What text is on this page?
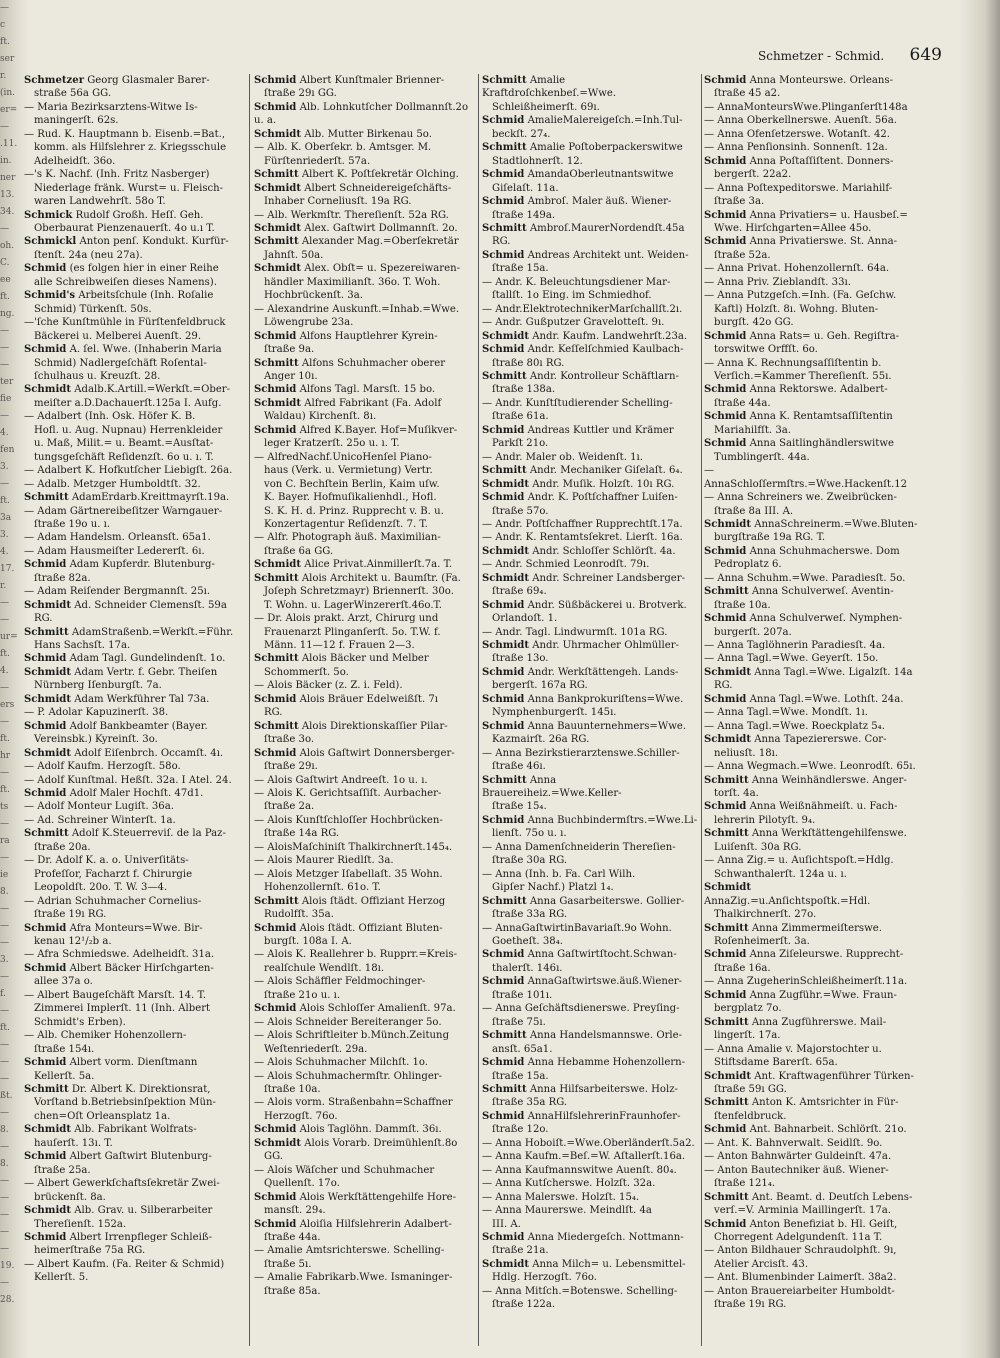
—
c
ft.
ser
r.
(in.
er=
—
.11.
in.
ner
13.
34.
—
oh.
C.
ee
ft.
ng.
—
—
—
ter
fie
—
4.
fen
3.
—
ft.
3a
3.
4.
17.
r.
—
—
ur=
ft.
4.
—
ers
—
ft.
hr
—
ft.
ts
—
ra
—
ie
8.
—
—
—
3.
—
f.
—
ft.
—
—
—
ßt.
—
8.
—
8.
—
—
—
—
—
19.
—
28.
Schmetzer - Schmid. 649

Schmetzer Georg Glasmaler Barer-

straße 56a GG.

— Maria Bezirksarztens-Witwe Is-

maningerſt. 62s.

— Rud. K. Hauptmann b. Eisenb.=Bat.,

komm. als Hilfslehrer z. Kriegsschule

Adelheidſt. 36o.

—'s K. Nachf. (Inh. Fritz Nasberger)

Niederlage fränk. Wurst= u. Fleisch-

waren Landwehrſt. 58o T.

Schmick Rudolf Großh. Heſſ. Geh.

Oberbaurat Pienzenauerſt. 4o u.ı T.

Schmickl Anton penſ. Kondukt. Kurfür-

ſtenſt. 24a (neu 27a).

Schmid (es folgen hier in einer Reihe

alle Schreibweiſen dieses Namens).

Schmid's Arbeitsſchule (Inh. Roſalie

Schmid) Türkenſt. 50s.

—'ſche Kunſtmühle in Fürſtenfeldbruck

Bäckerei u. Melberei Auenſt. 29.

Schmid A. ſel. Wwe. (Inhaberin Maria

Schmid) Nadlergeſchäft Roſental-

ſchulhaus u. Kreuzſt. 28.

Schmidt Adalb.K.Artill.=Werkſt.=Ober-

meiſter a.D.Dachauerſt.125a I. Aufg.

— Adalbert (Inh. Osk. Höfer K. B.

Hofl. u. Aug. Nupnau) Herrenkleider

u. Maß, Milit.= u. Beamt.=Ausſtat-

tungsgeſchäft Reſidenzſt. 6o u. ı. T.

— Adalbert K. Hofkutſcher Liebigſt. 26a.

— Adalb. Metzger Humboldtſt. 32.

Schmitt AdamErdarb.Kreittmayrſt.19a.

— Adam Gärtnereibeſitzer Warngauer-

ſtraße 19o u. ı.

— Adam Handelsm. Orleansſt. 65a1.

— Adam Hausmeiſter Ledererſt. 6ı.

Schmid Adam Kupferdr. Blutenburg-

ſtraße 82a.

— Adam Reiſender Bergmannſt. 25ı.

Schmidt Ad. Schneider Clemensſt. 59a

RG.

Schmitt AdamStraßenb.=Werkſt.=Führ.

Hans Sachsſt. 17a.

Schmid Adam Tagl. Gundelindenſt. 1o.

Schmidt Adam Vertr. f. Gebr. Theiſen

Nürnberg Iſenburgſt. 7a.

Schmidt Adam Werkführer Tal 73a.

— P. Adolar Kapuzinerſt. 38.

Schmid Adolf Bankbeamter (Bayer.

Vereinsbk.) Kyreinſt. 3o.

Schmidt Adolf Eiſenbrch. Occamſt. 4ı.

— Adolf Kaufm. Herzogſt. 58o.

— Adolf Kunſtmal. Heßſt. 32a. I Atel. 24.

Schmid Adolf Maler Hochſt. 47d1.

— Adolf Monteur Lugiſt. 36a.

— Ad. Schreiner Winterſt. 1a.

Schmitt Adolf K.Steuerreviſ. de la Paz-

ſtraße 20a.

— Dr. Adolf K. a. o. Univerſitäts-

Profeſſor, Facharzt f. Chirurgie

Leopoldſt. 20o. T. W. 3—4.

— Adrian Schuhmacher Cornelius-

ſtraße 19ı RG.

Schmid Afra Monteurs=Wwe. Bir-

kenau 12¹/₂b a.

— Afra Schmiedswe. Adelheidſt. 31a.

Schmid Albert Bäcker Hirſchgarten-

allee 37a o.

— Albert Baugeſchäft Marsſt. 14. T.

Zimmerei Implerſt. 11 (Inh. Albert

Schmidt's Erben).

— Alb. Chemiker Hohenzollern-

ſtraße 154ı.

Schmid Albert vorm. Dienſtmann

Kellerſt. 5a.

Schmitt Dr. Albert K. Direktionsrat,

Vorſtand b.Betriebsinſpektion Mün-

chen=Oſt Orleansplatz 1a.

Schmidt Alb. Fabrikant Wolfrats-

hauſerſt. 13ı. T.

Schmid Albert Gaſtwirt Blutenburg-

ſtraße 25a.

— Albert Gewerkſchaftsſekretär Zwei-

brückenſt. 8a.

Schmidt Alb. Grav. u. Silberarbeiter

Thereſienſt. 152a.

Schmid Albert Irrenpfleger Schleiß-

heimerſtraße 75a RG.

— Albert Kaufm. (Fa. Reiter & Schmid)

Kellerſt. 5.

Schmid Albert Kunſtmaler Brienner-

ſtraße 29ı GG.

Schmid Alb. Lohnkutſcher Dollmannſt.2o u. a.

Schmidt Alb. Mutter Birkenau 5o.

— Alb. K. Oberſekr. b. Amtsger. M.

Fürſtenriederſt. 57a.

Schmitt Albert K. Poſtſekretär Olching.

Schmidt Albert Schneidereigeſchäfts-

Inhaber Corneliusſt. 19a RG.

— Alb. Werkmſtr. Thereſienſt. 52a RG.

Schmidt Alex. Gaſtwirt Dollmannſt. 2o.

Schmitt Alexander Mag.=Oberſekretär

Jahnſt. 50a.

Schmidt Alex. Obſt= u. Spezereiwaren-

händler Maximilianſt. 36o. T. Woh.

Hochbrückenſt. 3a.

— Alexandrine Auskunft.=Inhab.=Wwe.

Löwengrube 23a.

Schmid Alfons Hauptlehrer Kyrein-

ſtraße 9a.

Schmitt Alfons Schuhmacher oberer

Anger 10ı.

Schmid Alfons Tagl. Marsſt. 15 bo.

Schmidt Alfred Fabrikant (Fa. Adolf

Waldau) Kirchenſt. 8ı.

Schmid Alfred K.Bayer. Hof=Muſikver-

leger Kratzerſt. 25o u. ı. T.

— AlfredNachf.UnicoHenſel Piano-

haus (Verk. u. Vermietung) Vertr.

von C. Bechſtein Berlin, Kaim uſw.

K. Bayer. Hofmuſikalienhdl., Hofl.

S. K. H. d. Prinz. Rupprecht v. B. u.

Konzertagentur Reſidenzſt. 7. T.

— Alfr. Photograph äuß. Maximilian-

ſtraße 6a GG.

Schmidt Alice Privat.Ainmillerſt.7a. T.

Schmitt Alois Architekt u. Baumſtr. (Fa.

Joſeph Schretzmayr) Briennerſt. 30o.

T. Wohn. u. LagerWinzererſt.46o.T.

— Dr. Alois prakt. Arzt, Chirurg und

Frauenarzt Plinganſerſt. 5o. T.W. f.

Männ. 11—12 f. Frauen 2—3.

Schmitt Alois Bäcker und Melber

Schommerſt. 5o.

— Alois Bäcker (z. Z. i. Feld).

Schmid Alois Bräuer Edelweißſt. 7ı

RG.

Schmitt Alois Direktionskaſſier Pilar-

ſtraße 3o.

Schmid Alois Gaſtwirt Donnersberger-

ſtraße 29ı.

— Alois Gaſtwirt Andreeſt. 1o u. ı.

— Alois K. Gerichtsaſſiſt. Aurbacher-

ſtraße 2a.

— Alois Kunſtſchloſſer Hochbrücken-

ſtraße 14a RG.

— AloisMaſchiniſt Thalkirchnerſt.145₄.

— Alois Maurer Riedlſt. 3a.

— Alois Metzger Iſabellaſt. 35 Wohn.

Hohenzollernſt. 61o. T.

Schmitt Alois ſtädt. Offiziant Herzog

Rudolfſt. 35a.

Schmid Alois ſtädt. Offiziant Bluten-

burgſt. 108a I. A.

— Alois K. Reallehrer b. Rupprr.=Kreis-

realſchule Wendlſt. 18ı.

— Alois Schäffler Feldmochinger-

ſtraße 21o u. ı.

Schmid Alois Schloſſer Amalienſt. 97a.

— Alois Schneider Bereiteranger 5o.

— Alois Schriftleiter b.Münch.Zeitung

Weſtenriederſt. 29a.

— Alois Schuhmacher Milchſt. 1o.

— Alois Schuhmachermſtr. Ohlinger-

ſtraße 10a.

— Alois vorm. Straßenbahn=Schaffner

Herzogſt. 76o.

Schmid Alois Taglöhn. Dammſt. 36ı.

Schmidt Alois Vorarb. Dreimühlenſt.8o

GG.

— Alois Wäſcher und Schuhmacher

Quellenſt. 17o.

Schmid Alois Werkſtättengehilfe Hore-

mansſt. 29₄.

Schmid Aloiſia Hilfslehrerin Adalbert-

ſtraße 44a.

— Amalie Amtsrichterswe. Schelling-

ſtraße 5ı.

— Amalie Fabrikarb.Wwe. Ismaninger-

ſtraße 85a.

Schmitt Amalie Kraftdroſchkenbeſ.=Wwe.

Schleißheimerſt. 69ı.

Schmid AmalieMalereigeſch.=Inh.Tul-

beckſt. 27₄.

Schmitt Amalie Poſtoberpackerswitwe

Stadtlohnerſt. 12.

Schmid AmandaOberleutnantswitwe

Giſelaſt. 11a.

Schmid Ambroſ. Maler äuß. Wiener-

ſtraße 149a.

Schmitt Ambroſ.MaurerNordendſt.45a

RG.

Schmid Andreas Architekt unt. Weiden-

ſtraße 15a.

— Andr. K. Beleuchtungsdiener Mar-

ſtallſt. 1o Eing. im Schmiedhof.

— Andr.ElektrotechnikerMarſchallſt.2ı.

— Andr. Gußputzer Gravelotteſt. 9ı.

Schmidt Andr. Kaufm. Landwehrſt.23a.

Schmid Andr. Keſſelſchmied Kaulbach-

ſtraße 80ı RG.

Schmitt Andr. Kontrolleur Schäftlarn-

ſtraße 138a.

— Andr. Kunſtſtudierender Schelling-

ſtraße 61a.

Schmid Andreas Kuttler und Krämer

Parkſt 21o.

— Andr. Maler ob. Weidenſt. 1ı.

Schmitt Andr. Mechaniker Giſelaſt. 6₄.

Schmidt Andr. Muſik. Holzſt. 10ı RG.

Schmid Andr. K. Poſtſchaffner Luiſen-

ſtraße 57o.

— Andr. Poſtſchaffner Rupprechtſt.17a.

— Andr. K. Rentamtsſekret. Lierſt. 16a.

Schmidt Andr. Schloſſer Schlörſt. 4a.

— Andr. Schmied Leonrodſt. 79ı.

Schmidt Andr. Schreiner Landsberger-

ſtraße 69₄.

Schmid Andr. Süßbäckerei u. Brotverk.

Orlandoſt. 1.

— Andr. Tagl. Lindwurmſt. 101a RG.

Schmidt Andr. Uhrmacher Ohlmüller-

ſtraße 13o.

Schmid Andr. Werkſtättengeh. Lands-

bergerſt. 167a RG.

Schmid Anna Bankprokuriſtens=Wwe.

Nymphenburgerſt. 145ı.

Schmid Anna Bauunternehmers=Wwe.

Kazmairſt. 26a RG.

— Anna Bezirkstierarztenswe.Schiller-

ſtraße 46ı.

Schmitt Anna Brauereiheiz.=Wwe.Keller-

ſtraße 15₄.

Schmid Anna Buchbindermſtrs.=Wwe.Li-

lienſt. 75o u. ı.

— Anna Damenſchneiderin Thereſien-

ſtraße 30a RG.

— Anna (Inh. b. Fa. Carl Wilh.

Gipſer Nachf.) Platzl 1₄.

Schmitt Anna Gasarbeiterswe. Gollier-

ſtraße 33a RG.

— AnnaGaſtwirtinBavariaſt.9o Wohn.

Goetheſt. 38₄.

Schmid Anna Gaſtwirtſtocht.Schwan-

thalerſt. 146ı.

Schmid AnnaGaſtwirtswe.äuß.Wiener-

ſtraße 101ı.

— Anna Geſchäftsdienerswe. Preyſing-

ſtraße 75ı.

Schmitt Anna Handelsmannswe. Orle-

ansſt. 65a1.

Schmid Anna Hebamme Hohenzollern-

ſtraße 15a.

Schmitt Anna Hilfsarbeiterswe. Holz-

ſtraße 35a RG.

Schmid AnnaHilfslehrerinFraunhofer-

ſtraße 12o.

— Anna Hoboiſt.=Wwe.Oberländerſt.5a2.

— Anna Kaufm.=Beſ.=W. Aſtallerſt.16a.

— Anna Kaufmannswitwe Auenſt. 80₄.

— Anna Kutſcherswe. Holzſt. 32a.

— Anna Malerswe. Holzſt. 15₄.

— Anna Maurerswe. Meindlſt. 4a

III. A.

Schmid Anna Miedergeſch. Nottmann-

ſtraße 21a.

Schmidt Anna Milch= u. Lebensmittel-

Hdlg. Herzogſt. 76o.

— Anna Mitſch.=Botenswe. Schelling-

ſtraße 122a.

Schmid Anna Monteurswe. Orleans-

ſtraße 45 a2.

— AnnaMonteursWwe.Plinganſerſt148a

— Anna Oberkellnerswe. Auenſt. 56a.

— Anna Ofenſetzerswe. Wotanſt. 42.

— Anna Penſionsinh. Sonnenſt. 12a.

Schmid Anna Poſtaſſiſtent. Donners-

bergerſt. 22a2.

— Anna Poſtexpeditorswe. Mariahilf-

ſtraße 3a.

Schmid Anna Privatiers= u. Hausbeſ.=

Wwe. Hirſchgarten=Allee 45o.

Schmid Anna Privatierswe. St. Anna-

ſtraße 52a.

— Anna Privat. Hohenzollernſt. 64a.

— Anna Priv. Zieblandſt. 33ı.

— Anna Putzgeſch.=Inh. (Fa. Geſchw.

Kaftl) Holzſt. 8ı. Wohng. Bluten-

burgſt. 42o GG.

Schmid Anna Rats= u. Geh. Regiſtra-

torswitwe Orffſt. 6o.

— Anna K. Rechnungsaſſiſtentin b.

Verſich.=Kammer Thereſienſt. 55ı.

Schmid Anna Rektorswe. Adalbert-

ſtraße 44a.

Schmid Anna K. Rentamtsaſſiſtentin

Mariahilfſt. 3a.

Schmid Anna Saitlinghändlerswitwe

Tumblingerſt. 44a.

— AnnaSchloſſermſtrs.=Wwe.Hackenſt.12

— Anna Schreiners we. Zweibrücken-

ſtraße 8a III. A.

Schmidt AnnaSchreinerm.=Wwe.Bluten-

burgſtraße 19a RG. T.

Schmid Anna Schuhmacherswe. Dom

Pedroplatz 6.

— Anna Schuhm.=Wwe. Paradiesſt. 5o.

Schmitt Anna Schulverweſ. Aventin-

ſtraße 10a.

Schmid Anna Schulverweſ. Nymphen-

burgerſt. 207a.

— Anna Taglöhnerin Paradiesſt. 4a.

— Anna Tagl.=Wwe. Geyerſt. 15o.

Schmidt Anna Tagl.=Wwe. Ligalzſt. 14a

RG.

Schmid Anna Tagl.=Wwe. Lothſt. 24a.

— Anna Tagl.=Wwe. Mondſt. 1ı.

— Anna Tagl.=Wwe. Roeckplatz 5₄.

Schmidt Anna Tapeziererswe. Cor-

neliusſt. 18ı.

— Anna Wegmach.=Wwe. Leonrodſt. 65ı.

Schmitt Anna Weinhändlerswe. Anger-

torſt. 4a.

Schmid Anna Weißnähmeiſt. u. Fach-

lehrerin Pilotyſt. 9₄.

Schmitt Anna Werkſtättengehilfenswe.

Luiſenſt. 30a RG.

— Anna Zig.= u. Auſichtspoſt.=Hdlg.

Schwanthalerſt. 124a u. ı.

Schmidt AnnaZig.=u.Anſichtspoſtk.=Hdl.

Thalkirchnerſt. 27o.

Schmitt Anna Zimmermeiſterswe.

Roſenheimerſt. 3a.

Schmid Anna Ziſeleurswe. Rupprecht-

ſtraße 16a.

— Anna ZugeherinSchleißheimerſt.11a.

Schmid Anna Zugführ.=Wwe. Fraun-

bergplatz 7o.

Schmitt Anna Zugführerswe. Mail-

lingerſt. 17a.

— Anna Amalie v. Majorstochter u.

Stiftsdame Barerſt. 65a.

Schmidt Ant. Kraftwagenführer Türken-

ſtraße 59ı GG.

Schmitt Anton K. Amtsrichter in Für-

ſtenfeldbruck.

Schmid Ant. Bahnarbeit. Schlörſt. 21o.

— Ant. K. Bahnverwalt. Seidlſt. 9o.

— Anton Bahnwärter Guldeinſt. 47a.

— Anton Bautechniker äuß. Wiener-

ſtraße 121₄.

Schmitt Ant. Beamt. d. Deutſch Lebens-

verſ.=V. Arminia Maillingerſt. 17a.

Schmid Anton Benefiziat b. Hl. Geiſt,

Chorregent Adelgundenſt. 11a T.

— Anton Bildhauer Schraudolphſt. 9ı,

Atelier Arcisſt. 43.

— Ant. Blumenbinder Laimerſt. 38a2.

— Anton Brauereiarbeiter Humboldt-

ſtraße 19ı RG.
